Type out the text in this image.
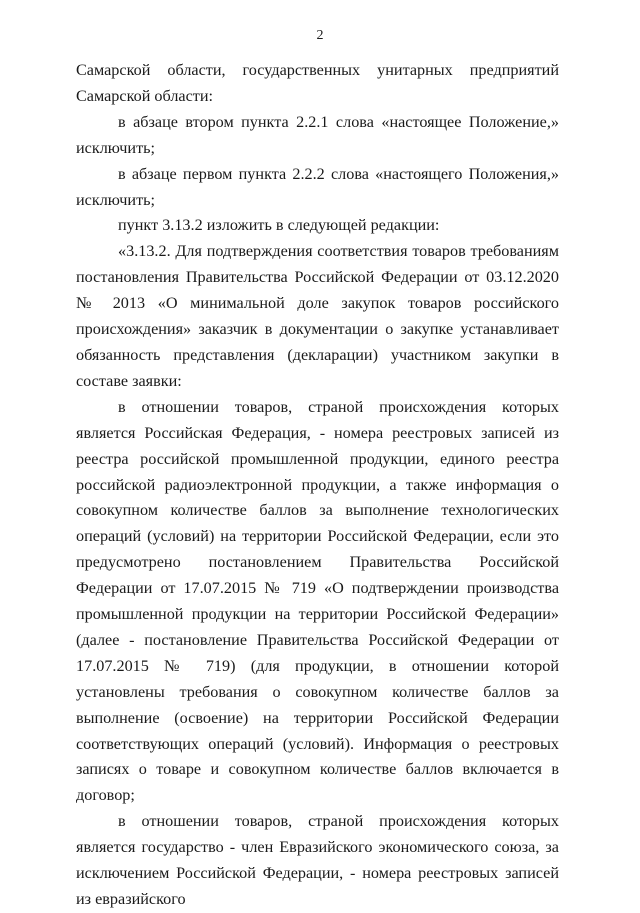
2

Самарской области, государственных унитарных предприятий Самарской области:

в абзаце втором пункта 2.2.1 слова «настоящее Положение,» исключить;

в абзаце первом пункта 2.2.2 слова «настоящего Положения,» исключить;

пункт 3.13.2 изложить в следующей редакции:

«3.13.2. Для подтверждения соответствия товаров требованиям постановления Правительства Российской Федерации от 03.12.2020 № 2013 «О минимальной доле закупок товаров российского происхождения» заказчик в документации о закупке устанавливает обязанность представления (декларации) участником закупки в составе заявки:

в отношении товаров, страной происхождения которых является Российская Федерация, - номера реестровых записей из реестра российской промышленной продукции, единого реестра российской радиоэлектронной продукции, а также информация о совокупном количестве баллов за выполнение технологических операций (условий) на территории Российской Федерации, если это предусмотрено постановлением Правительства Российской Федерации от 17.07.2015 № 719 «О подтверждении производства промышленной продукции на территории Российской Федерации» (далее - постановление Правительства Российской Федерации от 17.07.2015 № 719) (для продукции, в отношении которой установлены требования о совокупном количестве баллов за выполнение (освоение) на территории Российской Федерации соответствующих операций (условий). Информация о реестровых записях о товаре и совокупном количестве баллов включается в договор;

в отношении товаров, страной происхождения которых является государство - член Евразийского экономического союза, за исключением Российской Федерации, - номера реестровых записей из евразийского
